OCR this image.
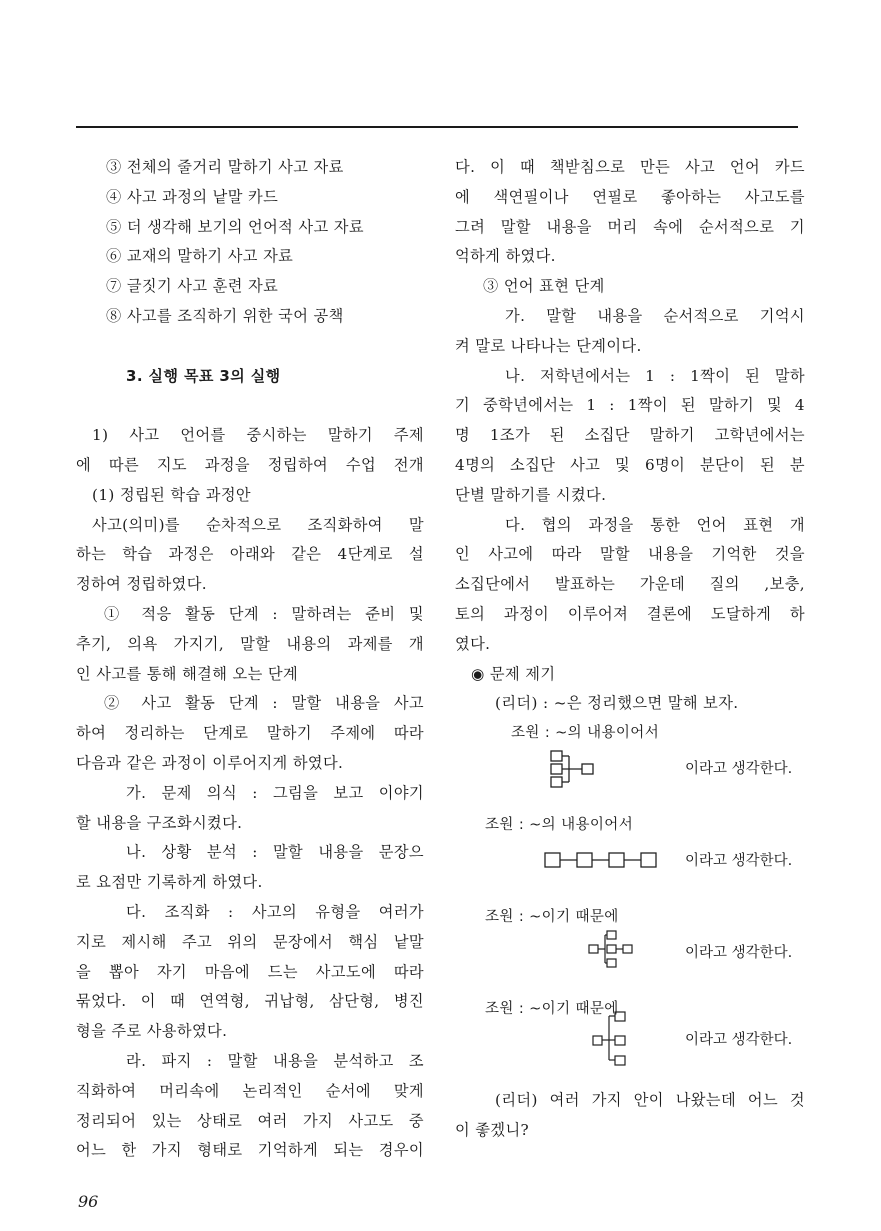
③ 전체의 줄거리 말하기 사고 자료
④ 사고 과정의 낱말 카드
⑤ 더 생각해 보기의 언어적 사고 자료
⑥ 교재의 말하기 사고 자료
⑦ 글짓기 사고 훈련 자료
⑧ 사고를 조직하기 위한 국어 공책
3. 실행 목표 3의 실행
1) 사고 언어를 중시하는 말하기 주제
에 따른 지도 과정을 정립하여 수업 전개
(1) 정립된 학습 과정안
사고(의미)를 순차적으로 조직화하여 말
하는 학습 과정은 아래와 같은 4단계로 설
정하여 정립하였다.
① 적응 활동 단계 : 말하려는 준비 및
추기, 의욕 가지기, 말할 내용의 과제를 개
인 사고를 통해 해결해 오는 단계
② 사고 활동 단계 : 말할 내용을 사고
하여 정리하는 단계로 말하기 주제에 따라
다음과 같은 과정이 이루어지게 하였다.
가. 문제 의식 : 그림을 보고 이야기
할 내용을 구조화시켰다.
나. 상황 분석 : 말할 내용을 문장으
로 요점만 기록하게 하였다.
다. 조직화 : 사고의 유형을 여러가
지로 제시해 주고 위의 문장에서 핵심 낱말
을 뽑아 자기 마음에 드는 사고도에 따라
묶었다. 이 때 연역형, 귀납형, 삼단형, 병진
형을 주로 사용하였다.
라. 파지 : 말할 내용을 분석하고 조
직화하여 머리속에 논리적인 순서에 맞게
정리되어 있는 상태로 여러 가지 사고도 중
어느 한 가지 형태로 기억하게 되는 경우이
다. 이 때 책받침으로 만든 사고 언어 카드
에 색연필이나 연필로 좋아하는 사고도를
그려 말할 내용을 머리 속에 순서적으로 기
억하게 하였다.
③ 언어 표현 단계
가. 말할 내용을 순서적으로 기억시
켜 말로 나타나는 단계이다.
나. 저학년에서는 1 : 1짝이 된 말하
기 중학년에서는 1 : 1짝이 된 말하기 및 4
명 1조가 된 소집단 말하기 고학년에서는
4명의 소집단 사고 및 6명이 분단이 된 분
단별 말하기를 시켰다.
다. 협의 과정을 통한 언어 표현 개
인 사고에 따라 말할 내용을 기억한 것을
소집단에서 발표하는 가운데 질의 ,보충,
토의 과정이 이루어져 결론에 도달하게 하
였다.
◉ 문제 제기
(리더) : ~은 정리했으면 말해 보자.
조원 : ~의 내용이어서
이라고 생각한다.
조원 : ~의 내용이어서
이라고 생각한다.
조원 : ~이기 때문에
이라고 생각한다.
조원 : ~이기 때문에
이라고 생각한다.
(리더) 여러 가지 안이 나왔는데 어느 것
이 좋겠니?
96
